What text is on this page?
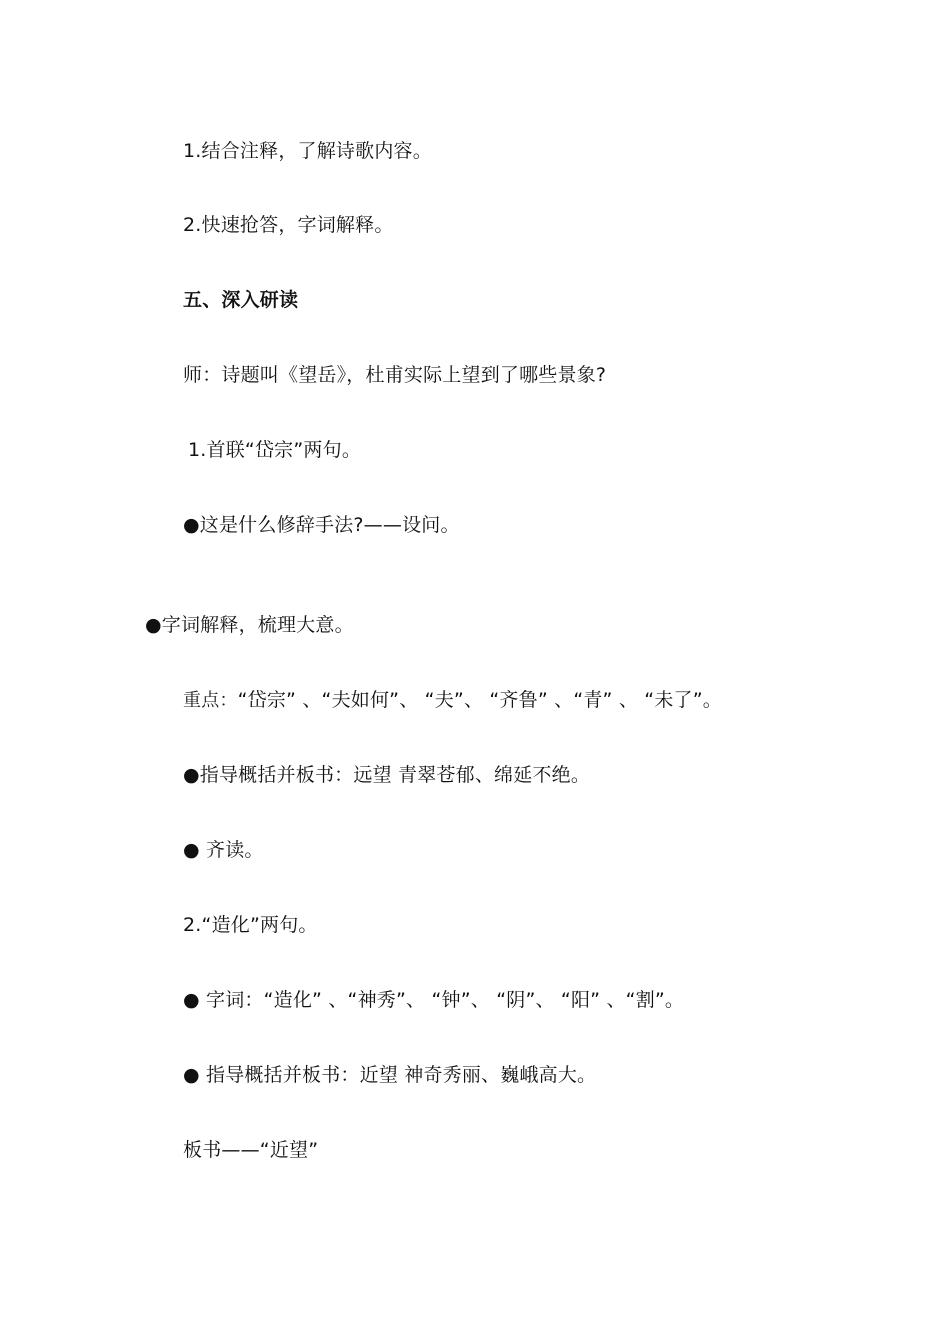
1.结合注释，了解诗歌内容。
2.快速抢答，字词解释。
五、深入研读
师：诗题叫《望岳》，杜甫实际上望到了哪些景象?
1.首联“岱宗”两句。
●这是什么修辞手法?——设问。
●字词解释，梳理大意。
重点：“岱宗” 、“夫如何”、 “夫”、 “齐鲁” 、“青” 、 “未了”。
●指导概括并板书：远望 青翠苍郁、绵延不绝。
● 齐读。
2.“造化”两句。
● 字词：“造化” 、“神秀”、 “钟”、 “阴”、 “阳” 、“割”。
● 指导概括并板书：近望 神奇秀丽、巍峨高大。
板书——“近望”
